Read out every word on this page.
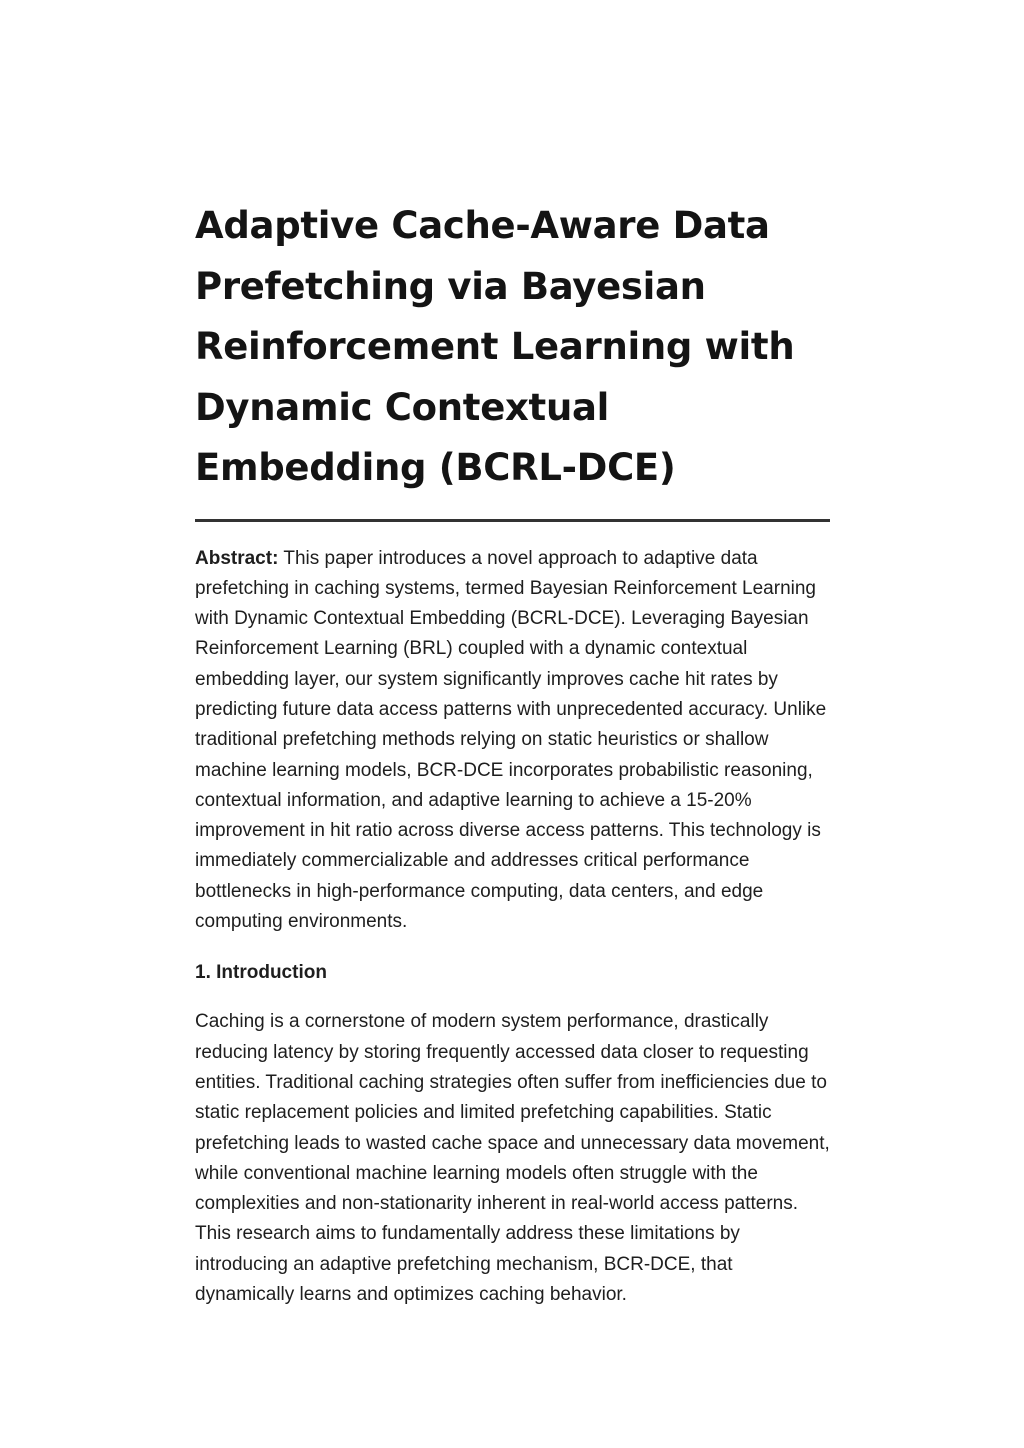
Adaptive Cache-Aware Data Prefetching via Bayesian Reinforcement Learning with Dynamic Contextual Embedding (BCRL-DCE)

Abstract: This paper introduces a novel approach to adaptive data prefetching in caching systems, termed Bayesian Reinforcement Learning with Dynamic Contextual Embedding (BCRL-DCE). Leveraging Bayesian Reinforcement Learning (BRL) coupled with a dynamic contextual embedding layer, our system significantly improves cache hit rates by predicting future data access patterns with unprecedented accuracy. Unlike traditional prefetching methods relying on static heuristics or shallow machine learning models, BCR-DCE incorporates probabilistic reasoning, contextual information, and adaptive learning to achieve a 15-20% improvement in hit ratio across diverse access patterns. This technology is immediately commercializable and addresses critical performance bottlenecks in high-performance computing, data centers, and edge computing environments.

1. Introduction

Caching is a cornerstone of modern system performance, drastically reducing latency by storing frequently accessed data closer to requesting entities. Traditional caching strategies often suffer from inefficiencies due to static replacement policies and limited prefetching capabilities. Static prefetching leads to wasted cache space and unnecessary data movement, while conventional machine learning models often struggle with the complexities and non-stationarity inherent in real-world access patterns. This research aims to fundamentally address these limitations by introducing an adaptive prefetching mechanism, BCR-DCE, that dynamically learns and optimizes caching behavior.
